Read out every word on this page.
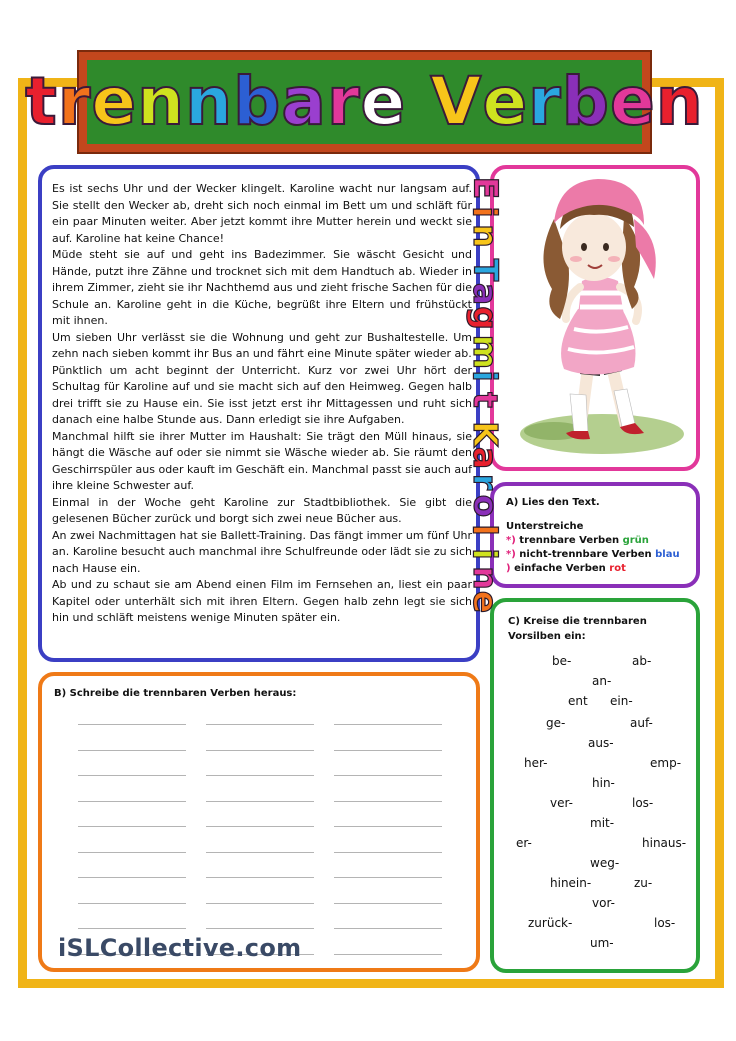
trennbare Verben

Es ist sechs Uhr und der Wecker klingelt. Karoline wacht nur langsam auf. Sie stellt den Wecker ab, dreht sich noch einmal im Bett um und schläft für ein paar Minuten weiter. Aber jetzt kommt ihre Mutter herein und weckt sie auf. Karoline hat keine Chance!

Müde steht sie auf und geht ins Badezimmer. Sie wäscht Gesicht und Hände, putzt ihre Zähne und trocknet sich mit dem Handtuch ab. Wieder in ihrem Zimmer, zieht sie ihr Nachthemd aus und zieht frische Sachen für die Schule an. Karoline geht in die Küche, begrüßt ihre Eltern und frühstückt mit ihnen.

Um sieben Uhr verlässt sie die Wohnung und geht zur Bushaltestelle. Um zehn nach sieben kommt ihr Bus an und fährt eine Minute später wieder ab.

Pünktlich um acht beginnt der Unterricht. Kurz vor zwei Uhr hört der Schultag für Karoline auf und sie macht sich auf den Heimweg. Gegen halb drei trifft sie zu Hause ein. Sie isst jetzt erst ihr Mittagessen und ruht sich danach eine halbe Stunde aus. Dann erledigt sie ihre Aufgaben.

Manchmal hilft sie ihrer Mutter im Haushalt: Sie trägt den Müll hinaus, sie hängt die Wäsche auf oder sie nimmt sie Wäsche wieder ab. Sie räumt den Geschirrspüler aus oder kauft im Geschäft ein. Manchmal passt sie auch auf ihre kleine Schwester auf.

Einmal in der Woche geht Karoline zur Stadtbibliothek. Sie gibt die gelesenen Bücher zurück und borgt sich zwei neue Bücher aus.

An zwei Nachmittagen hat sie Ballett-Training. Das fängt immer um fünf Uhr an. Karoline besucht auch manchmal ihre Schulfreunde oder lädt sie zu sich nach Hause ein.

Ab und zu schaut sie am Abend einen Film im Fernsehen an, liest ein paar Kapitel oder unterhält sich mit ihren Eltern. Gegen halb zehn legt sie sich hin und schläft meistens wenige Minuten später ein.

E
i
n
T
a
g
m
i
t
K
a
r
o
l
i
n
e
A) Lies den Text.
Unterstreiche
*) trennbare Verben grün
*) nicht-trennbare Verben blau
) einfache Verben rot
C) Kreise die trennbaren Vorsilben ein:
be-	ab-
an-
ent ein-
ge-	auf-
aus-
her-	emp-
hin-
ver-	los-
mit-
er-	hinaus-
weg-
hinein-	zu-
vor-
zurück-	los-
um-
B) Schreibe die trennbaren Verben heraus:
iSLCollective.com
